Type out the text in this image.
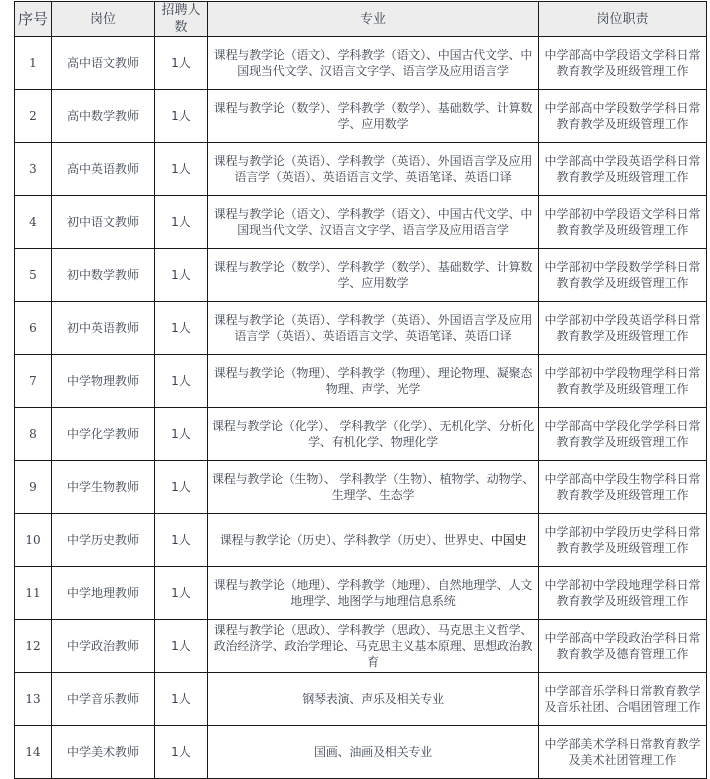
序号	岗位	招聘人数	专业	岗位职责
1	高中语文教师	1人	课程与教学论（语文）、学科教学（语文）、中国古代文学、中国现当代文学、汉语言文字学、语言学及应用语言学	中学部高中学段语文学科日常教育教学及班级管理工作
2	高中数学教师	1人	课程与教学论（数学）、学科教学（数学）、基础数学、计算数学、应用数学	中学部高中学段数学学科日常教育教学及班级管理工作
3	高中英语教师	1人	课程与教学论（英语）、学科教学（英语）、外国语言学及应用语言学（英语）、英语语言文学、英语笔译、英语口译	中学部高中学段英语学科日常教育教学及班级管理工作
4	初中语文教师	1人	课程与教学论（语文）、学科教学（语文）、中国古代文学、中国现当代文学、汉语言文字学、语言学及应用语言学	中学部初中学段语文学科日常教育教学及班级管理工作
5	初中数学教师	1人	课程与教学论（数学）、学科教学（数学）、基础数学、计算数学、应用数学	中学部初中学段数学学科日常教育教学及班级管理工作
6	初中英语教师	1人	课程与教学论（英语）、学科教学（英语）、外国语言学及应用语言学（英语）、英语语言文学、英语笔译、英语口译	中学部初中学段英语学科日常教育教学及班级管理工作
7	中学物理教师	1人	课程与教学论（物理）、学科教学（物理）、理论物理、凝聚态物理、声学、光学	中学部初中学段物理学科日常教育教学及班级管理工作
8	中学化学教师	1人	课程与教学论（化学）、 学科教学（化学）、无机化学、分析化学、有机化学、物理化学	中学部高中学段化学学科日常教育教学及班级管理工作
9	中学生物教师	1人	课程与教学论（生物）、 学科教学（生物）、植物学、动物学、生理学、生态学	中学部高中学段生物学科日常教育教学及班级管理工作
10	中学历史教师	1人	课程与教学论（历史）、学科教学（历史）、世界史、中国史	中学部初中学段历史学科日常教育教学及班级管理工作
11	中学地理教师	1人	课程与教学论（地理）、学科教学（地理）、自然地理学、人文地理学、地图学与地理信息系统	中学部初中学段地理学科日常教育教学及班级管理工作
12	中学政治教师	1人	课程与教学论（思政）、学科教学（思政）、马克思主义哲学、 政治经济学、政治学理论、马克思主义基本原理、思想政治教育	中学部高中学段政治学科日常教育教学及德育管理工作
13	中学音乐教师	1人	钢琴表演、声乐及相关专业	中学部音乐学科日常教育教学及音乐社团、合唱团管理工作
14	中学美术教师	1人	国画、油画及相关专业	中学部美术学科日常教育教学及美术社团管理工作
